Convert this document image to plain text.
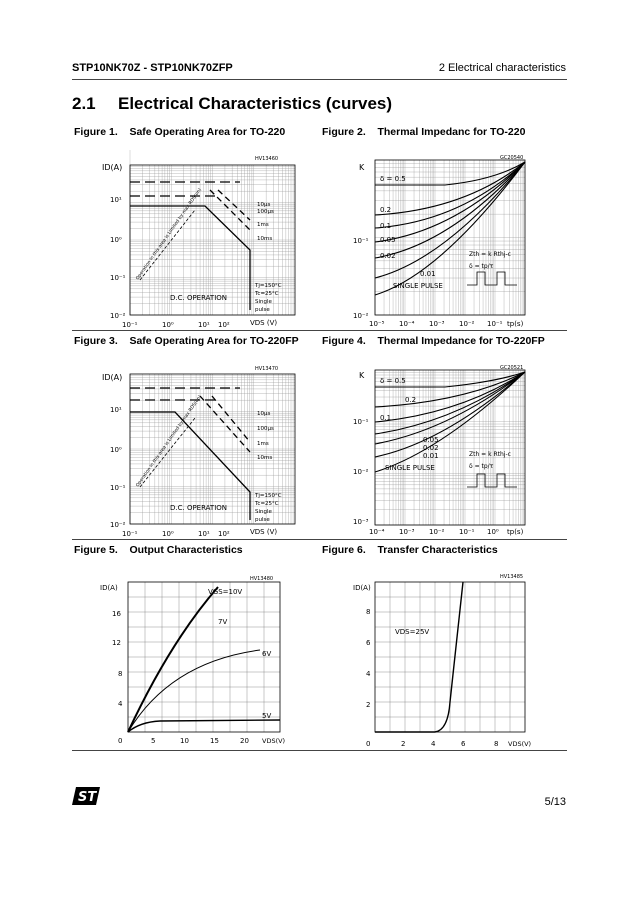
STP10NK70Z - STP10NK70ZFP	2 Electrical characteristics
2.1 Electrical Characteristics (curves)
Figure 1. Safe Operating Area for TO-220	Figure 2. Thermal Impedanc for TO-220
Figure 3. Safe Operating Area for TO-220FP Figure 4. Thermal Impedance for TO-220FP
Figure 5. Output Characteristics	Figure 6. Transfer Characteristics
HV13460
ID(A)
VDS (V)
10¹
10⁰
10⁻¹
10⁻²
10⁻¹	10⁰	10¹ 10²
10μs
100μs
1ms
10ms
D.C. OPERATION
Tj=150°C
Tc=25°C
Single
pulse
Operation in this area is Limited by max RDS(on)
GC20540
K
tp(s)
10⁻¹
10⁻²
10⁻⁵ 10⁻⁴ 10⁻³ 10⁻² 10⁻¹
δ = 0.5
0.2
0.1
0.05
0.02
0.01
SINGLE PULSE
Zth = k Rthj-c
δ = tp/τ
HV13470
ID(A)
VDS (V)
10¹
10⁰
10⁻¹
10⁻²
10⁻¹	10⁰	10¹ 10²
10μs
100μs
1ms
10ms
D.C. OPERATION
Tj=150°C
Tc=25°C
Single
pulse
Operation in this area is Limited by max RDS(on)
GC20521
K
tp(s)
10⁻¹
10⁻²
10⁻³
10⁻⁴ 10⁻³ 10⁻² 10⁻¹ 10⁰
δ = 0.5
0.2
0.1
0.05
0.02
0.01
SINGLE PULSE
Zth = k Rthj-c
δ = tp/τ
HV13480
ID(A)
VDS(V)
4
8
12
16
0	5	10	15	20
VGS=10V
7V
6V
5V
HV13485
ID(A)
VDS(V)
2
4
6
8
0	2	4	6	8
VDS=25V
ST	5/13
